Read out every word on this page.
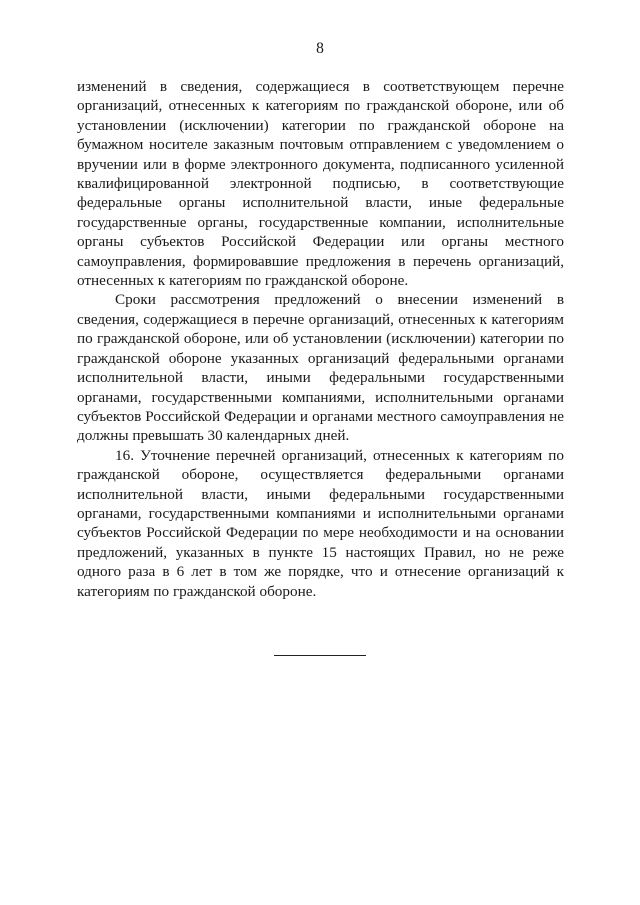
8

изменений в сведения, содержащиеся в соответствующем перечне организаций, отнесенных к категориям по гражданской обороне, или об установлении (исключении) категории по гражданской обороне на бумажном носителе заказным почтовым отправлением с уведомлением о вручении или в форме электронного документа, подписанного усиленной квалифицированной электронной подписью, в соответствующие федеральные органы исполнительной власти, иные федеральные государственные органы, государственные компании, исполнительные органы субъектов Российской Федерации или органы местного самоуправления, формировавшие предложения в перечень организаций, отнесенных к категориям по гражданской обороне.

Сроки рассмотрения предложений о внесении изменений в сведения, содержащиеся в перечне организаций, отнесенных к категориям по гражданской обороне, или об установлении (исключении) категории по гражданской обороне указанных организаций федеральными органами исполнительной власти, иными федеральными государственными органами, государственными компаниями, исполнительными органами субъектов Российской Федерации и органами местного самоуправления не должны превышать 30 календарных дней.

16. Уточнение перечней организаций, отнесенных к категориям по гражданской обороне, осуществляется федеральными органами исполнительной власти, иными федеральными государственными органами, государственными компаниями и исполнительными органами субъектов Российской Федерации по мере необходимости и на основании предложений, указанных в пункте 15 настоящих Правил, но не реже одного раза в 6 лет в том же порядке, что и отнесение организаций к категориям по гражданской обороне.
